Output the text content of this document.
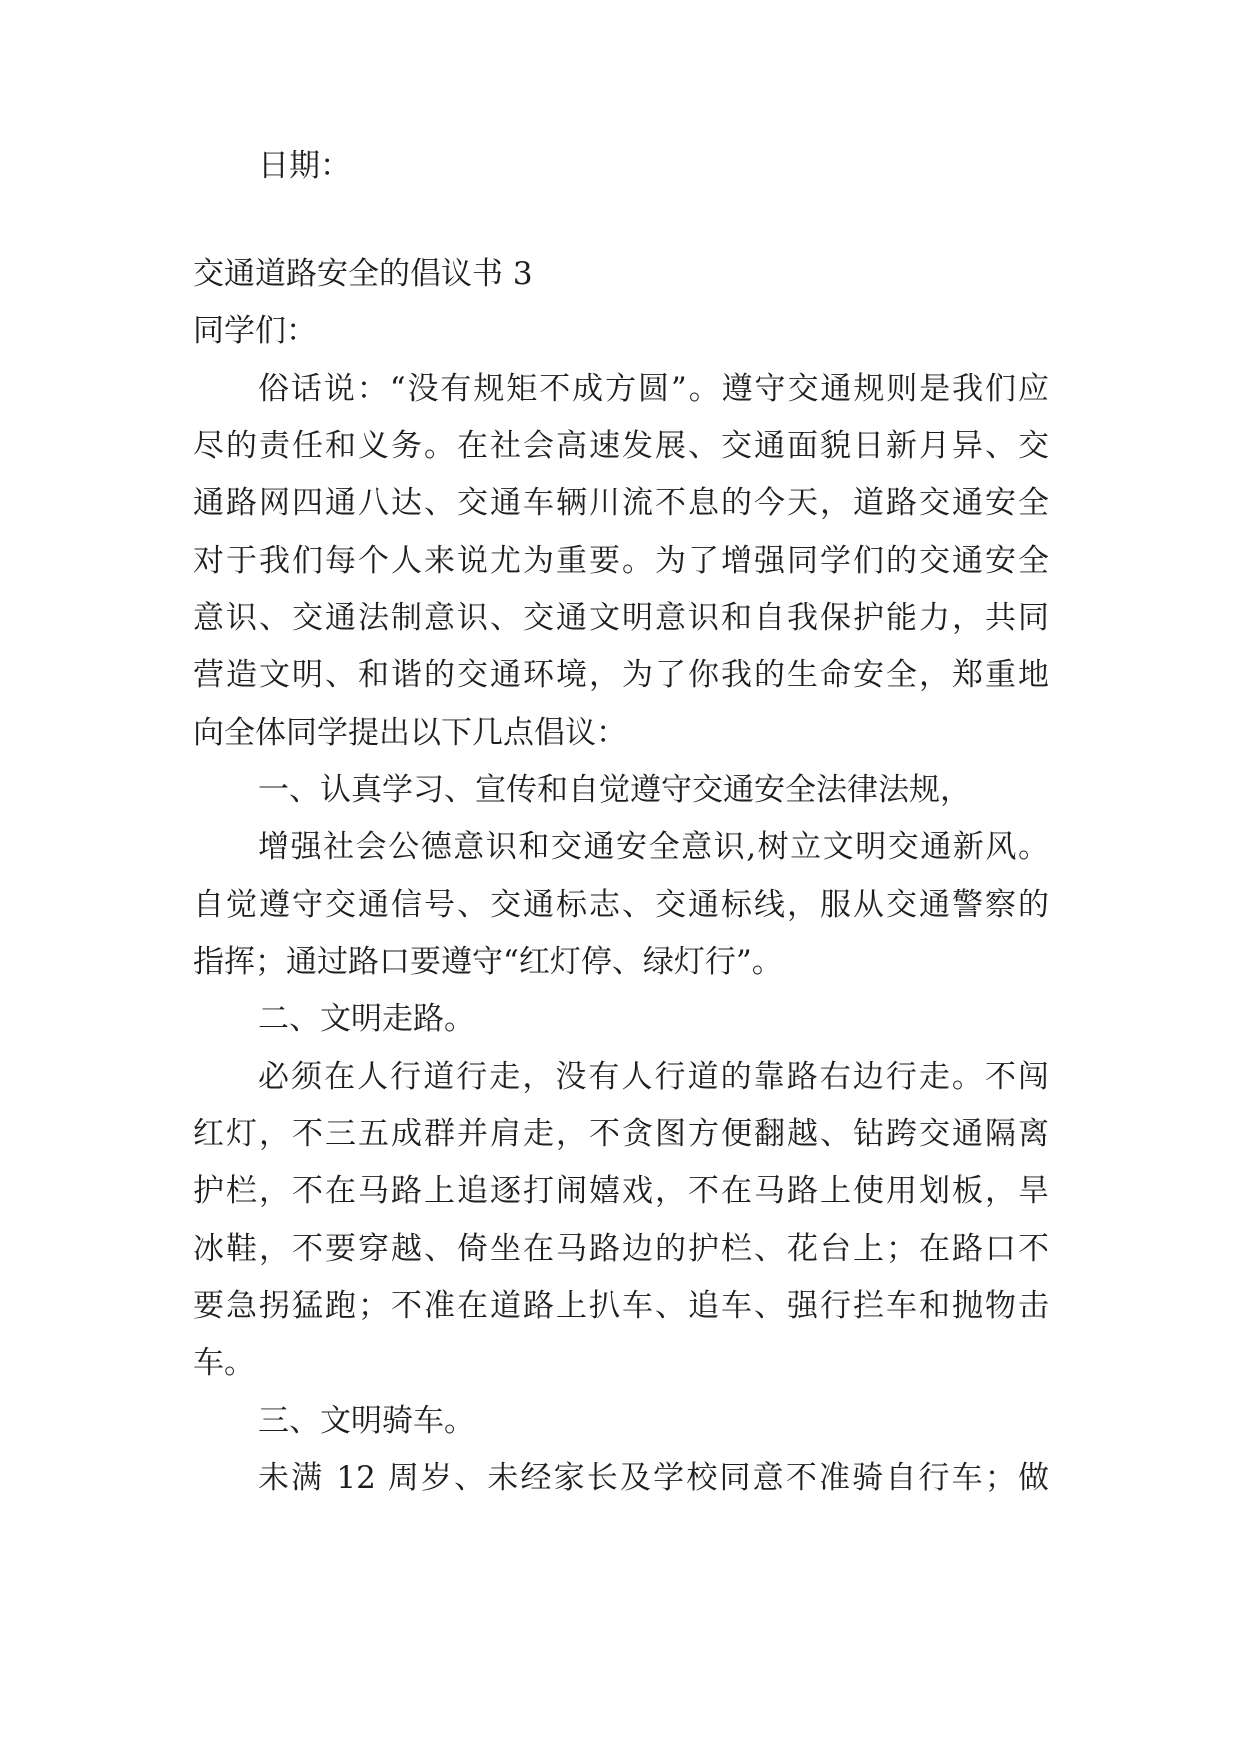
日期：
交通道路安全的倡议书 3
同学们：
俗话说：“没有规矩不成方圆”。遵守交通规则是我们应
尽的责任和义务。在社会高速发展、交通面貌日新月异、交
通路网四通八达、交通车辆川流不息的今天，道路交通安全
对于我们每个人来说尤为重要。为了增强同学们的交通安全
意识、交通法制意识、交通文明意识和自我保护能力，共同
营造文明、和谐的交通环境，为了你我的生命安全，郑重地
向全体同学提出以下几点倡议：
一、认真学习、宣传和自觉遵守交通安全法律法规，
增强社会公德意识和交通安全意识,树立文明交通新风。
自觉遵守交通信号、交通标志、交通标线，服从交通警察的
指挥；通过路口要遵守“红灯停、绿灯行”。
二、文明走路。
必须在人行道行走，没有人行道的靠路右边行走。不闯
红灯，不三五成群并肩走，不贪图方便翻越、钻跨交通隔离
护栏，不在马路上追逐打闹嬉戏，不在马路上使用划板，旱
冰鞋，不要穿越、倚坐在马路边的护栏、花台上；在路口不
要急拐猛跑；不准在道路上扒车、追车、强行拦车和抛物击
车。
三、文明骑车。
未满 12 周岁、未经家长及学校同意不准骑自行车；做
